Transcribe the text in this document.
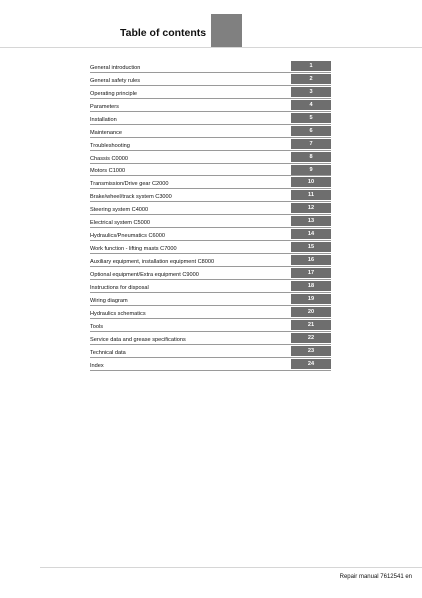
Table of contents
General introduction	1
General safety rules	2
Operating principle	3
Parameters	4
Installation	5
Maintenance	6
Troubleshooting	7
Chassis C0000	8
Motors C1000	9
Transmission/Drive gear C2000	10
Brake/wheel/track system C3000	11
Steering system C4000	12
Electrical system C5000	13
Hydraulics/Pneumatics C6000	14
Work function - lifting masts C7000	15
Auxiliary equipment, installation equipment C8000	16
Optional equipment/Extra equipment C9000	17
Instructions for disposal	18
Wiring diagram	19
Hydraulics schematics	20
Tools	21
Service data and grease specifications	22
Technical data	23
Index	24
Repair manual 7612541 en
